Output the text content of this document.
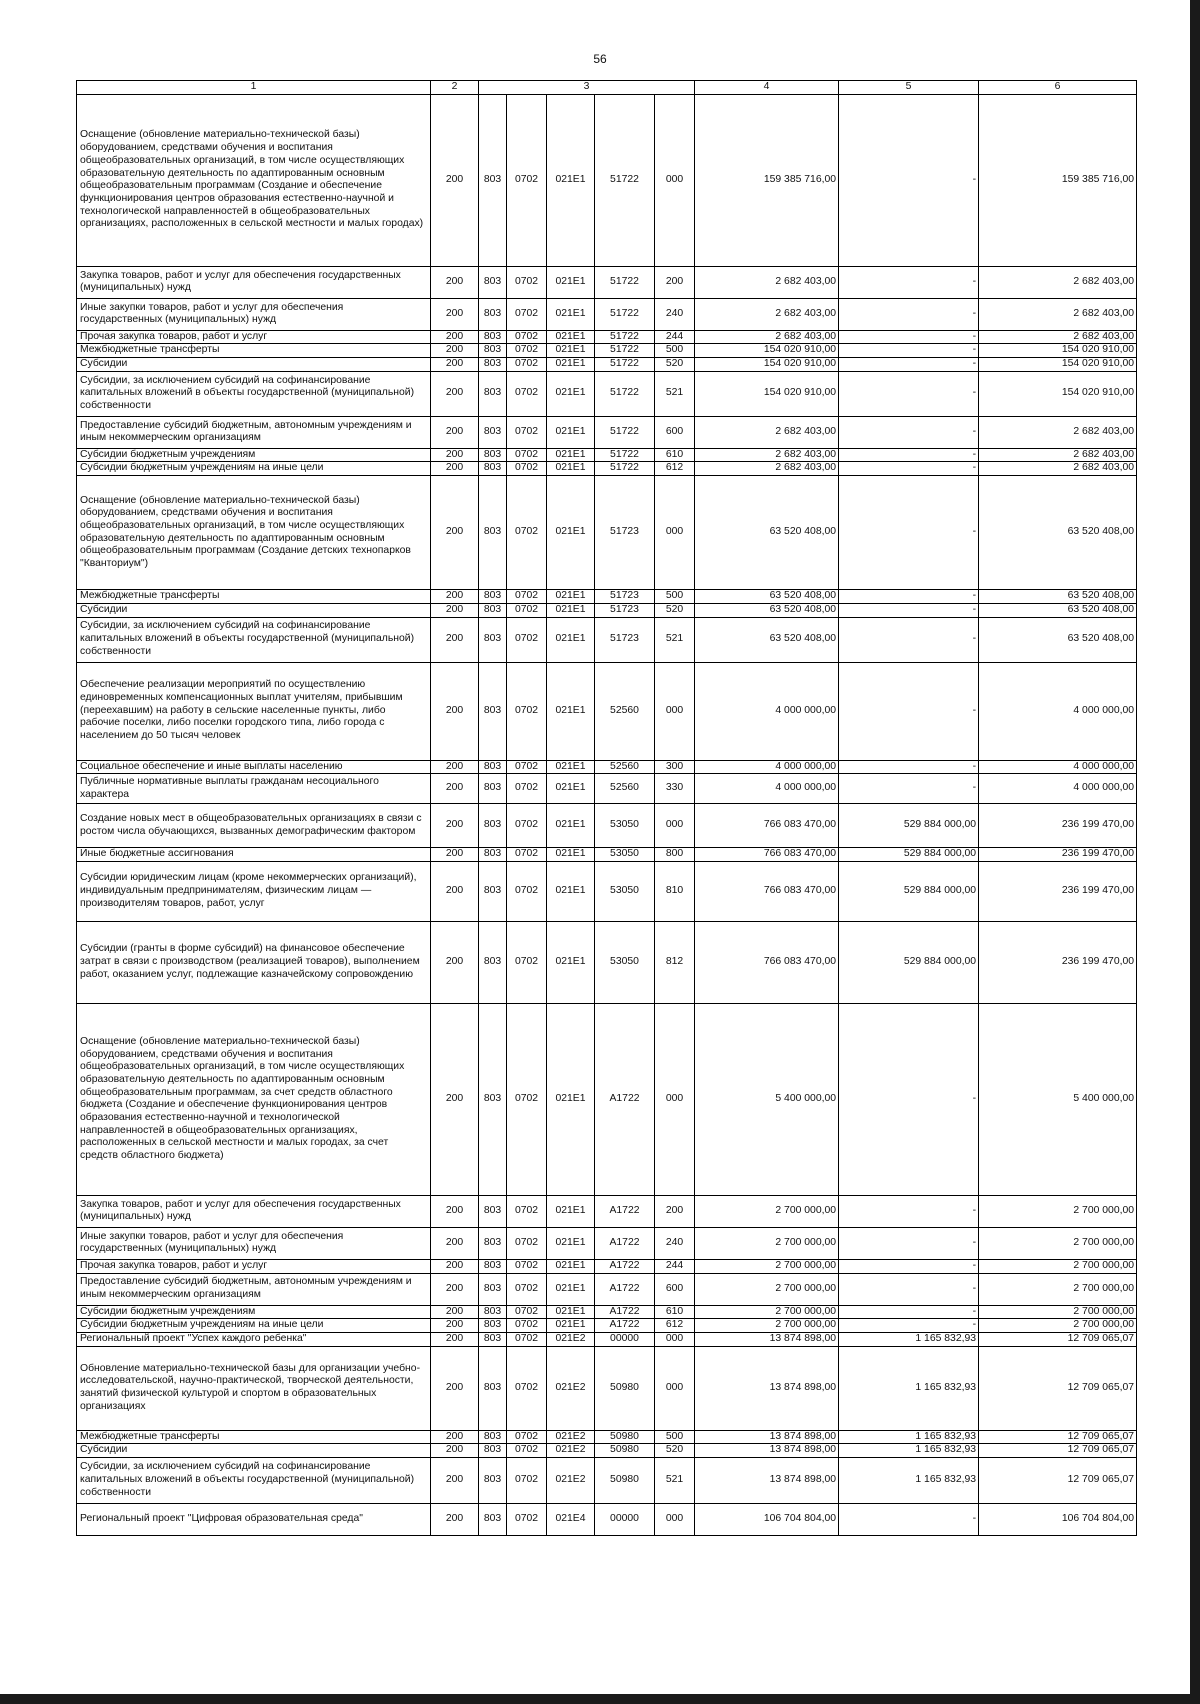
56
1	2	3					4	5	6
Оснащение (обновление материально-технической базы) оборудованием, средствами обучения и воспитания общеобразовательных организаций, в том числе осуществляющих образовательную деятельность по адаптированным основным общеобразовательным программам (Создание и обеспечение функционирования центров образования естественно-научной и технологической направленностей в общеобразовательных организациях, расположенных в сельской местности и малых городах)	200	803	0702	021E1	51722	000	159 385 716,00	-	159 385 716,00
Закупка товаров, работ и услуг для обеспечения государственных (муниципальных) нужд	200	803	0702	021E1	51722	200	2 682 403,00	-	2 682 403,00
Иные закупки товаров, работ и услуг для обеспечения государственных (муниципальных) нужд	200	803	0702	021E1	51722	240	2 682 403,00	-	2 682 403,00
Прочая закупка товаров, работ и услуг	200	803	0702	021E1	51722	244	2 682 403,00	-	2 682 403,00
Межбюджетные трансферты	200	803	0702	021E1	51722	500	154 020 910,00	-	154 020 910,00
Субсидии	200	803	0702	021E1	51722	520	154 020 910,00	-	154 020 910,00
Субсидии, за исключением субсидий на софинансирование капитальных вложений в объекты государственной (муниципальной) собственности	200	803	0702	021E1	51722	521	154 020 910,00	-	154 020 910,00
Предоставление субсидий бюджетным, автономным учреждениям и иным некоммерческим организациям	200	803	0702	021E1	51722	600	2 682 403,00	-	2 682 403,00
Субсидии бюджетным учреждениям	200	803	0702	021E1	51722	610	2 682 403,00	-	2 682 403,00
Субсидии бюджетным учреждениям на иные цели	200	803	0702	021E1	51722	612	2 682 403,00	-	2 682 403,00
Оснащение (обновление материально-технической базы) оборудованием, средствами обучения и воспитания общеобразовательных организаций, в том числе осуществляющих образовательную деятельность по адаптированным основным общеобразовательным программам (Создание детских технопарков "Кванториум")	200	803	0702	021E1	51723	000	63 520 408,00	-	63 520 408,00
Межбюджетные трансферты	200	803	0702	021E1	51723	500	63 520 408,00	-	63 520 408,00
Субсидии	200	803	0702	021E1	51723	520	63 520 408,00	-	63 520 408,00
Субсидии, за исключением субсидий на софинансирование капитальных вложений в объекты государственной (муниципальной) собственности	200	803	0702	021E1	51723	521	63 520 408,00	-	63 520 408,00
Обеспечение реализации мероприятий по осуществлению единовременных компенсационных выплат учителям, прибывшим (переехавшим) на работу в сельские населенные пункты, либо рабочие поселки, либо поселки городского типа, либо города с населением до 50 тысяч человек	200	803	0702	021E1	52560	000	4 000 000,00	-	4 000 000,00
Социальное обеспечение и иные выплаты населению	200	803	0702	021E1	52560	300	4 000 000,00	-	4 000 000,00
Публичные нормативные выплаты гражданам несоциального характера	200	803	0702	021E1	52560	330	4 000 000,00	-	4 000 000,00
Создание новых мест в общеобразовательных организациях в связи с ростом числа обучающихся, вызванных демографическим фактором	200	803	0702	021E1	53050	000	766 083 470,00	529 884 000,00	236 199 470,00
Иные бюджетные ассигнования	200	803	0702	021E1	53050	800	766 083 470,00	529 884 000,00	236 199 470,00
Субсидии юридическим лицам (кроме некоммерческих организаций), индивидуальным предпринимателям, физическим лицам — производителям товаров, работ, услуг	200	803	0702	021E1	53050	810	766 083 470,00	529 884 000,00	236 199 470,00
Субсидии (гранты в форме субсидий) на финансовое обеспечение затрат в связи с производством (реализацией товаров), выполнением работ, оказанием услуг, подлежащие казначейскому сопровождению	200	803	0702	021E1	53050	812	766 083 470,00	529 884 000,00	236 199 470,00
Оснащение (обновление материально-технической базы) оборудованием, средствами обучения и воспитания общеобразовательных организаций, в том числе осуществляющих образовательную деятельность по адаптированным основным общеобразовательным программам, за счет средств областного бюджета (Создание и обеспечение функционирования центров образования естественно-научной и технологической направленностей в общеобразовательных организациях, расположенных в сельской местности и малых городах, за счет средств областного бюджета)	200	803	0702	021E1	А1722	000	5 400 000,00	-	5 400 000,00
Закупка товаров, работ и услуг для обеспечения государственных (муниципальных) нужд	200	803	0702	021E1	А1722	200	2 700 000,00	-	2 700 000,00
Иные закупки товаров, работ и услуг для обеспечения государственных (муниципальных) нужд	200	803	0702	021E1	А1722	240	2 700 000,00	-	2 700 000,00
Прочая закупка товаров, работ и услуг	200	803	0702	021E1	А1722	244	2 700 000,00	-	2 700 000,00
Предоставление субсидий бюджетным, автономным учреждениям и иным некоммерческим организациям	200	803	0702	021E1	А1722	600	2 700 000,00	-	2 700 000,00
Субсидии бюджетным учреждениям	200	803	0702	021E1	А1722	610	2 700 000,00	-	2 700 000,00
Субсидии бюджетным учреждениям на иные цели	200	803	0702	021E1	А1722	612	2 700 000,00	-	2 700 000,00
Региональный проект "Успех каждого ребенка"	200	803	0702	021E2	00000	000	13 874 898,00	1 165 832,93	12 709 065,07
Обновление материально-технической базы для организации учебно-исследовательской, научно-практической, творческой деятельности, занятий физической культурой и спортом в образовательных организациях	200	803	0702	021E2	50980	000	13 874 898,00	1 165 832,93	12 709 065,07
Межбюджетные трансферты	200	803	0702	021E2	50980	500	13 874 898,00	1 165 832,93	12 709 065,07
Субсидии	200	803	0702	021E2	50980	520	13 874 898,00	1 165 832,93	12 709 065,07
Субсидии, за исключением субсидий на софинансирование капитальных вложений в объекты государственной (муниципальной) собственности	200	803	0702	021E2	50980	521	13 874 898,00	1 165 832,93	12 709 065,07
Региональный проект "Цифровая образовательная среда"	200	803	0702	021E4	00000	000	106 704 804,00	-	106 704 804,00
